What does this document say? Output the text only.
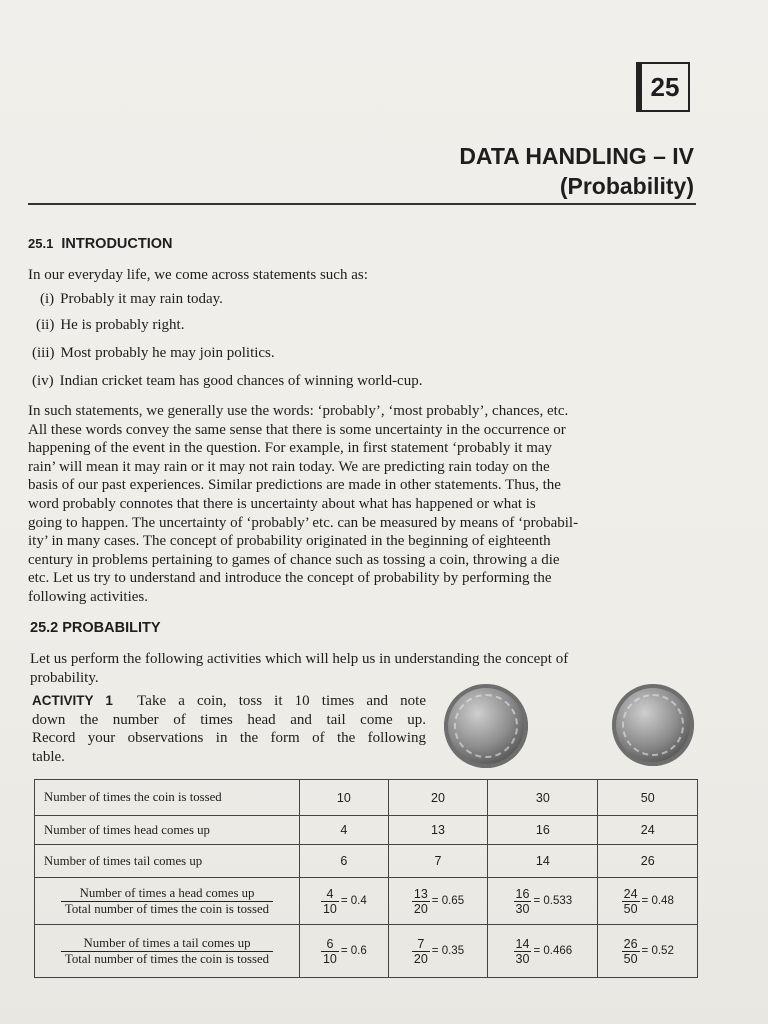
25
DATA HANDLING – IV
(Probability)
25.1 INTRODUCTION
In our everyday life, we come across statements such as:
(i) Probably it may rain today.
(ii) He is probably right.
(iii) Most probably he may join politics.
(iv) Indian cricket team has good chances of winning world-cup.
In such statements, we generally use the words: ‘probably’, ‘most probably’, chances, etc.
All these words convey the same sense that there is some uncertainty in the occurrence or
happening of the event in the question. For example, in first statement ‘probably it may
rain’ will mean it may rain or it may not rain today. We are predicting rain today on the
basis of our past experiences. Similar predictions are made in other statements. Thus, the
word probably connotes that there is uncertainty about what has happened or what is
going to happen. The uncertainty of ‘probably’ etc. can be measured by means of ‘probabil-
ity’ in many cases. The concept of probability originated in the beginning of eighteenth
century in problems pertaining to games of chance such as tossing a coin, throwing a die
etc. Let us try to understand and introduce the concept of probability by performing the
following activities.
25.2 PROBABILITY
Let us perform the following activities which will help us in understanding the concept of
probability.
ACTIVITY 1 Take a coin, toss it 10 times and note
down the number of times head and tail come up.
Record your observations in the form of the following
table.
Number of times the coin is tossed	10	20	30	50
Number of times head comes up	4	13	16	24
Number of times tail comes up	6	7	14	26

Number of times a head comes up
Total number of times the coin is tossed	$\frac{4}{10} = 0.4$	$\frac{13}{20} = 0.65$	$\frac{16}{30} = 0.533$	$\frac{24}{50} = 0.48$

Number of times a tail comes up
Total number of times the coin is tossed	$\frac{6}{10} = 0.6$	$\frac{7}{20} = 0.35$	$\frac{14}{30} = 0.466$	$\frac{26}{50} = 0.52$
